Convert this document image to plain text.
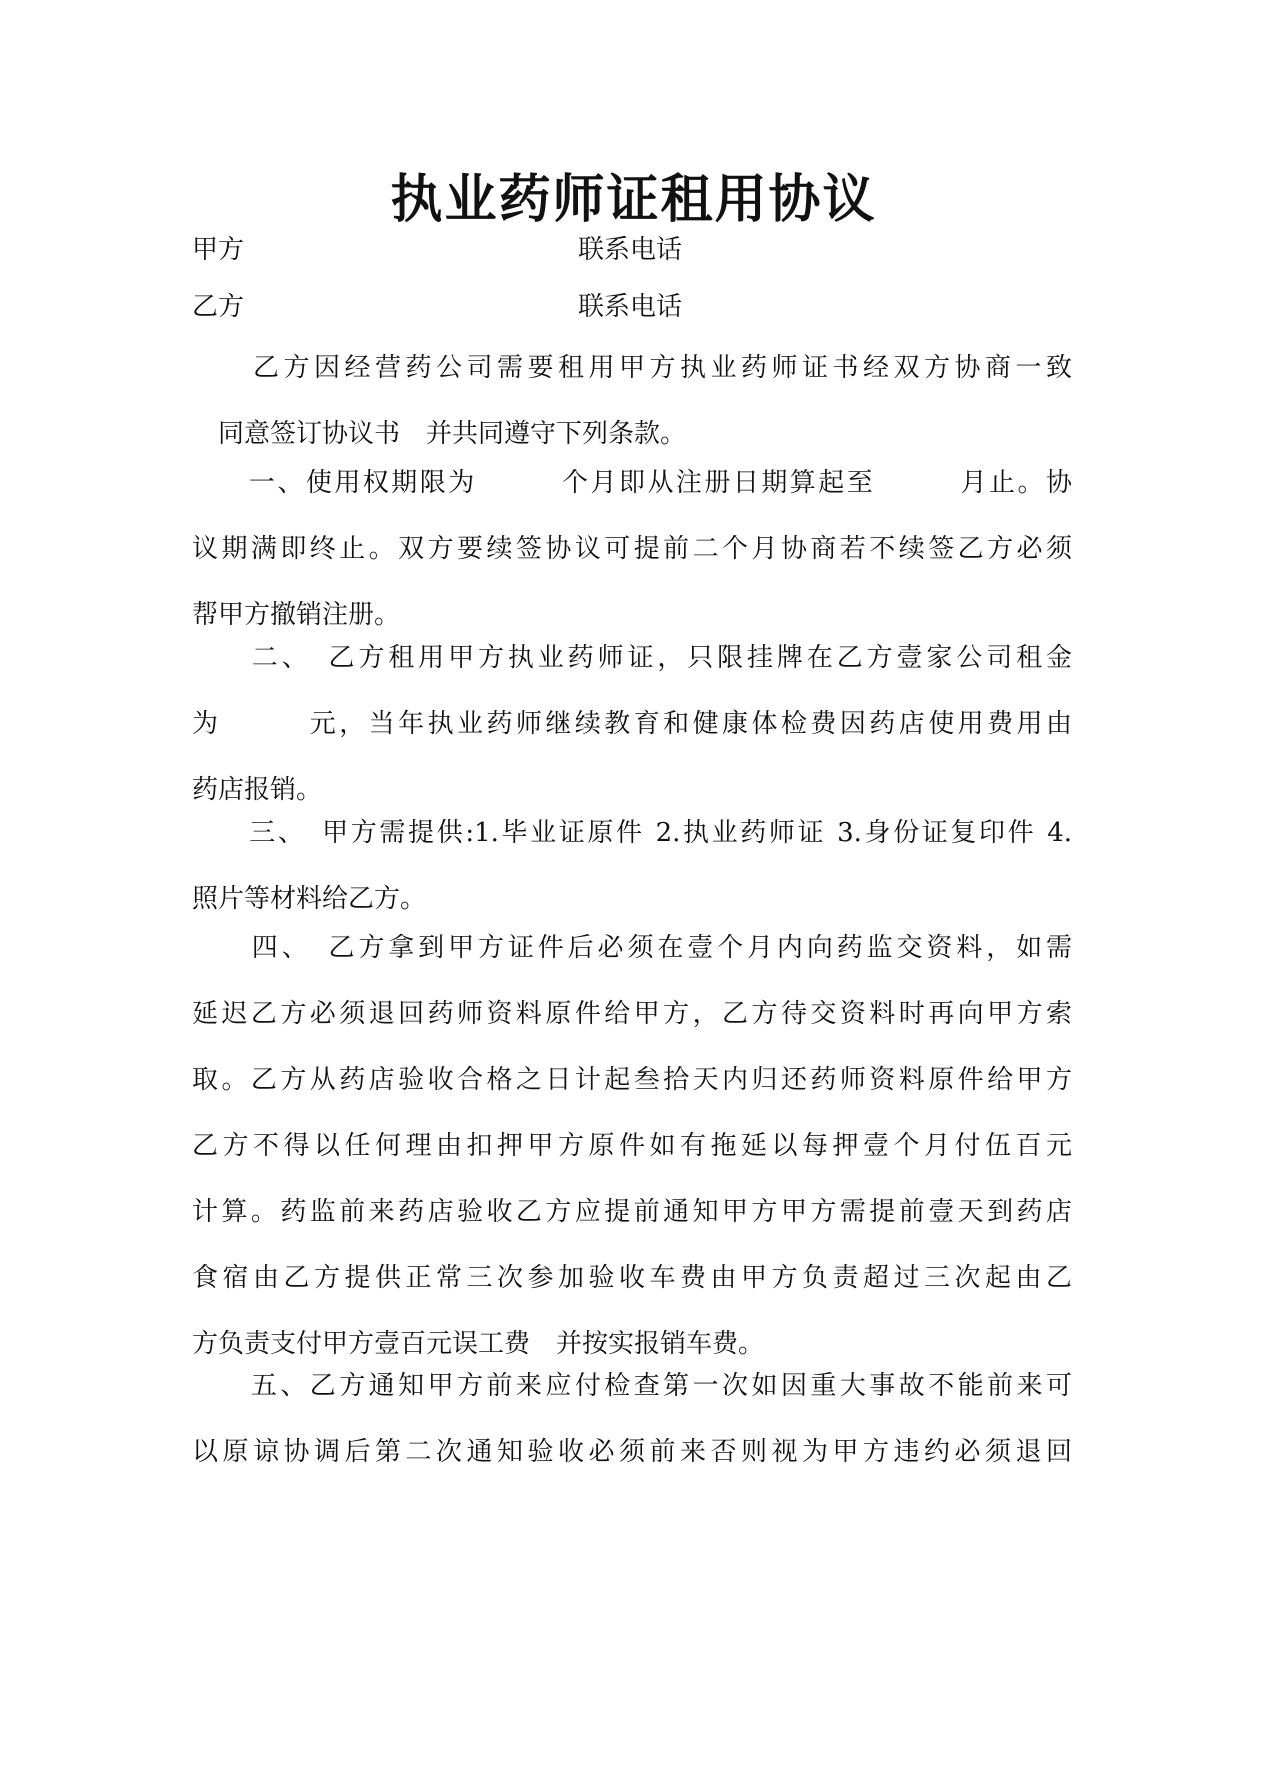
执业药师证租用协议
甲方	联系电话
乙方	联系电话
　　乙方因经营药公司需要租用甲方执业药师证书经双方协商一致
　同意签订协议书　并共同遵守下列条款。
　　一、使用权期限为　　　个月即从注册日期算起至　　　月止。协
议期满即终止。双方要续签协议可提前二个月协商若不续签乙方必须
帮甲方撤销注册。
　　二、　乙方租用甲方执业药师证，只限挂牌在乙方壹家公司租金
为　　　元，当年执业药师继续教育和健康体检费因药店使用费用由
药店报销。
　　三、　甲方需提供:1.毕业证原件 2.执业药师证 3.身份证复印件 4.
照片等材料给乙方。
　　四、　乙方拿到甲方证件后必须在壹个月内向药监交资料，如需
延迟乙方必须退回药师资料原件给甲方，乙方待交资料时再向甲方索
取。乙方从药店验收合格之日计起叁拾天内归还药师资料原件给甲方
乙方不得以任何理由扣押甲方原件如有拖延以每押壹个月付伍百元
计算。药监前来药店验收乙方应提前通知甲方甲方需提前壹天到药店
食宿由乙方提供正常三次参加验收车费由甲方负责超过三次起由乙
方负责支付甲方壹百元误工费　并按实报销车费。
　　五、乙方通知甲方前来应付检查第一次如因重大事故不能前来可
以原谅协调后第二次通知验收必须前来否则视为甲方违约必须退回
